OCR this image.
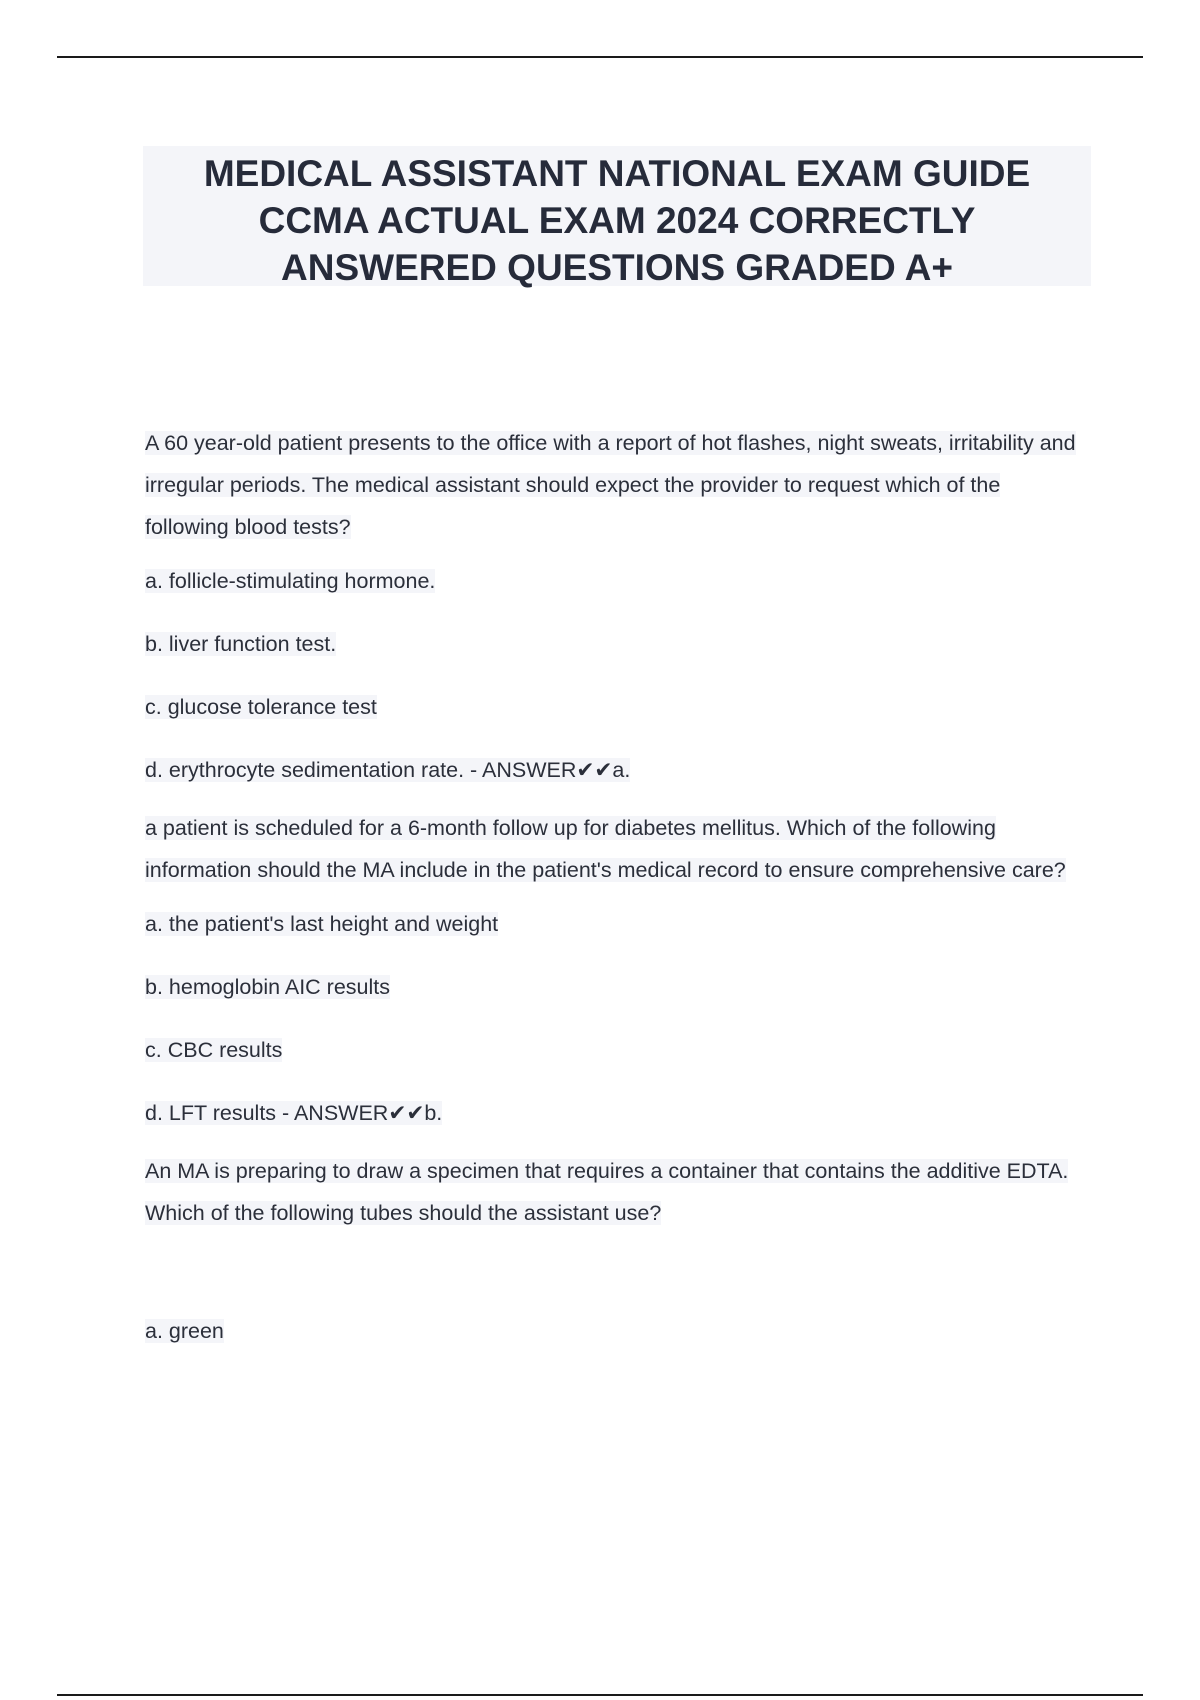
MEDICAL ASSISTANT NATIONAL EXAM GUIDE
CCMA ACTUAL EXAM 2024 CORRECTLY
ANSWERED QUESTIONS GRADED A+

A 60 year-old patient presents to the office with a report of hot flashes, night sweats, irritability and irregular periods. The medical assistant should expect the provider to request which of the following blood tests?

a. follicle-stimulating hormone.

b. liver function test.

c. glucose tolerance test

d. erythrocyte sedimentation rate. - ANSWER✔✔a.

a patient is scheduled for a 6-month follow up for diabetes mellitus. Which of the following information should the MA include in the patient's medical record to ensure comprehensive care?

a. the patient's last height and weight

b. hemoglobin AIC results

c. CBC results

d. LFT results - ANSWER✔✔b.

An MA is preparing to draw a specimen that requires a container that contains the additive EDTA. Which of the following tubes should the assistant use?

a. green
